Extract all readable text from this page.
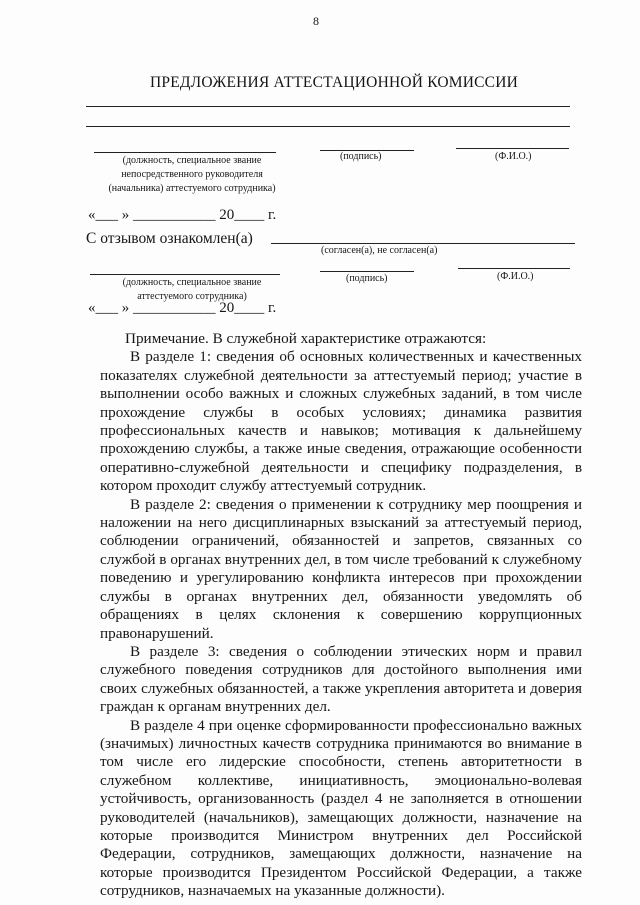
8
ПРЕДЛОЖЕНИЯ АТТЕСТАЦИОННОЙ КОМИССИИ
(должность, специальное звание непосредственного руководителя (начальника) аттестуемого сотрудника)
(подпись)	(Ф.И.О.)
«___ » ___________ 20____ г.
С отзывом ознакомлен(а)
(согласен(а), не согласен(а)
(должность, специальное звание аттестуемого сотрудника)
(подпись)	(Ф.И.О.)
«___ » ___________ 20____ г.

Примечание. В служебной характеристике отражаются:

В разделе 1: сведения об основных количественных и качественных показателях служебной деятельности за аттестуемый период; участие в выполнении особо важных и сложных служебных заданий, в том числе прохождение службы в особых условиях; динамика развития профессиональных качеств и навыков; мотивация к дальнейшему прохождению службы, а также иные сведения, отражающие особенности оперативно-служебной деятельности и специфику подразделения, в котором проходит службу аттестуемый сотрудник.

В разделе 2: сведения о применении к сотруднику мер поощрения и наложении на него дисциплинарных взысканий за аттестуемый период, соблюдении ограничений, обязанностей и запретов, связанных со службой в органах внутренних дел, в том числе требований к служебному поведению и урегулированию конфликта интересов при прохождении службы в органах внутренних дел, обязанности уведомлять об обращениях в целях склонения к совершению коррупционных правонарушений.

В разделе 3: сведения о соблюдении этических норм и правил служебного поведения сотрудников для достойного выполнения ими своих служебных обязанностей, а также укрепления авторитета и доверия граждан к органам внутренних дел.

В разделе 4 при оценке сформированности профессионально важных (значимых) личностных качеств сотрудника принимаются во внимание в том числе его лидерские способности, степень авторитетности в служебном коллективе, инициативность, эмоционально-волевая устойчивость, организованность (раздел 4 не заполняется в отношении руководителей (начальников), замещающих должности, назначение на которые производится Министром внутренних дел Российской Федерации, сотрудников, замещающих должности, назначение на которые производится Президентом Российской Федерации, а также сотрудников, назначаемых на указанные должности).
